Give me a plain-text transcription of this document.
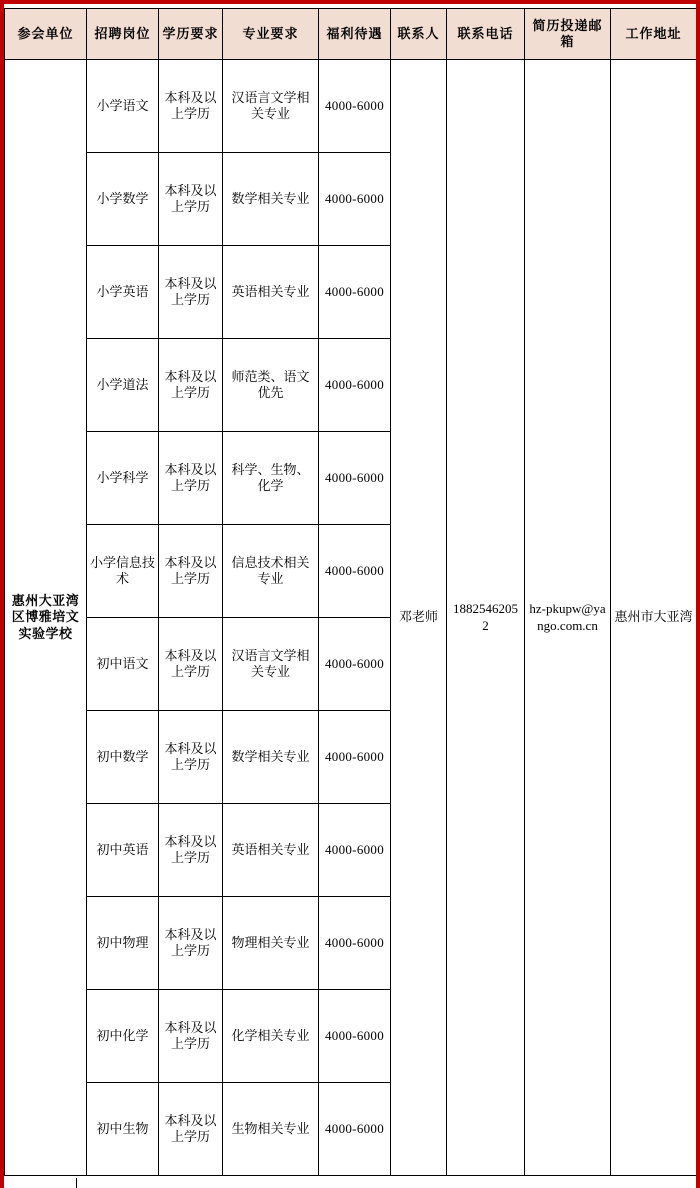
参会单位	招聘岗位	学历要求	专业要求	福利待遇	联系人	联系电话	简历投递邮箱	工作地址
惠州大亚湾区博雅培文实验学校	小学语文	本科及以上学历	汉语言文学相关专业	4000-6000	邓老师	18825462052	hz-pkupw@yango.com.cn	惠州市大亚湾
	小学数学	本科及以上学历	数学相关专业	4000-6000				
	小学英语	本科及以上学历	英语相关专业	4000-6000				
	小学道法	本科及以上学历	师范类、语文优先	4000-6000				
	小学科学	本科及以上学历	科学、生物、化学	4000-6000				
	小学信息技术	本科及以上学历	信息技术相关专业	4000-6000				
	初中语文	本科及以上学历	汉语言文学相关专业	4000-6000				
	初中数学	本科及以上学历	数学相关专业	4000-6000				
	初中英语	本科及以上学历	英语相关专业	4000-6000				
	初中物理	本科及以上学历	物理相关专业	4000-6000				
	初中化学	本科及以上学历	化学相关专业	4000-6000				
	初中生物	本科及以上学历	生物相关专业	4000-6000				
